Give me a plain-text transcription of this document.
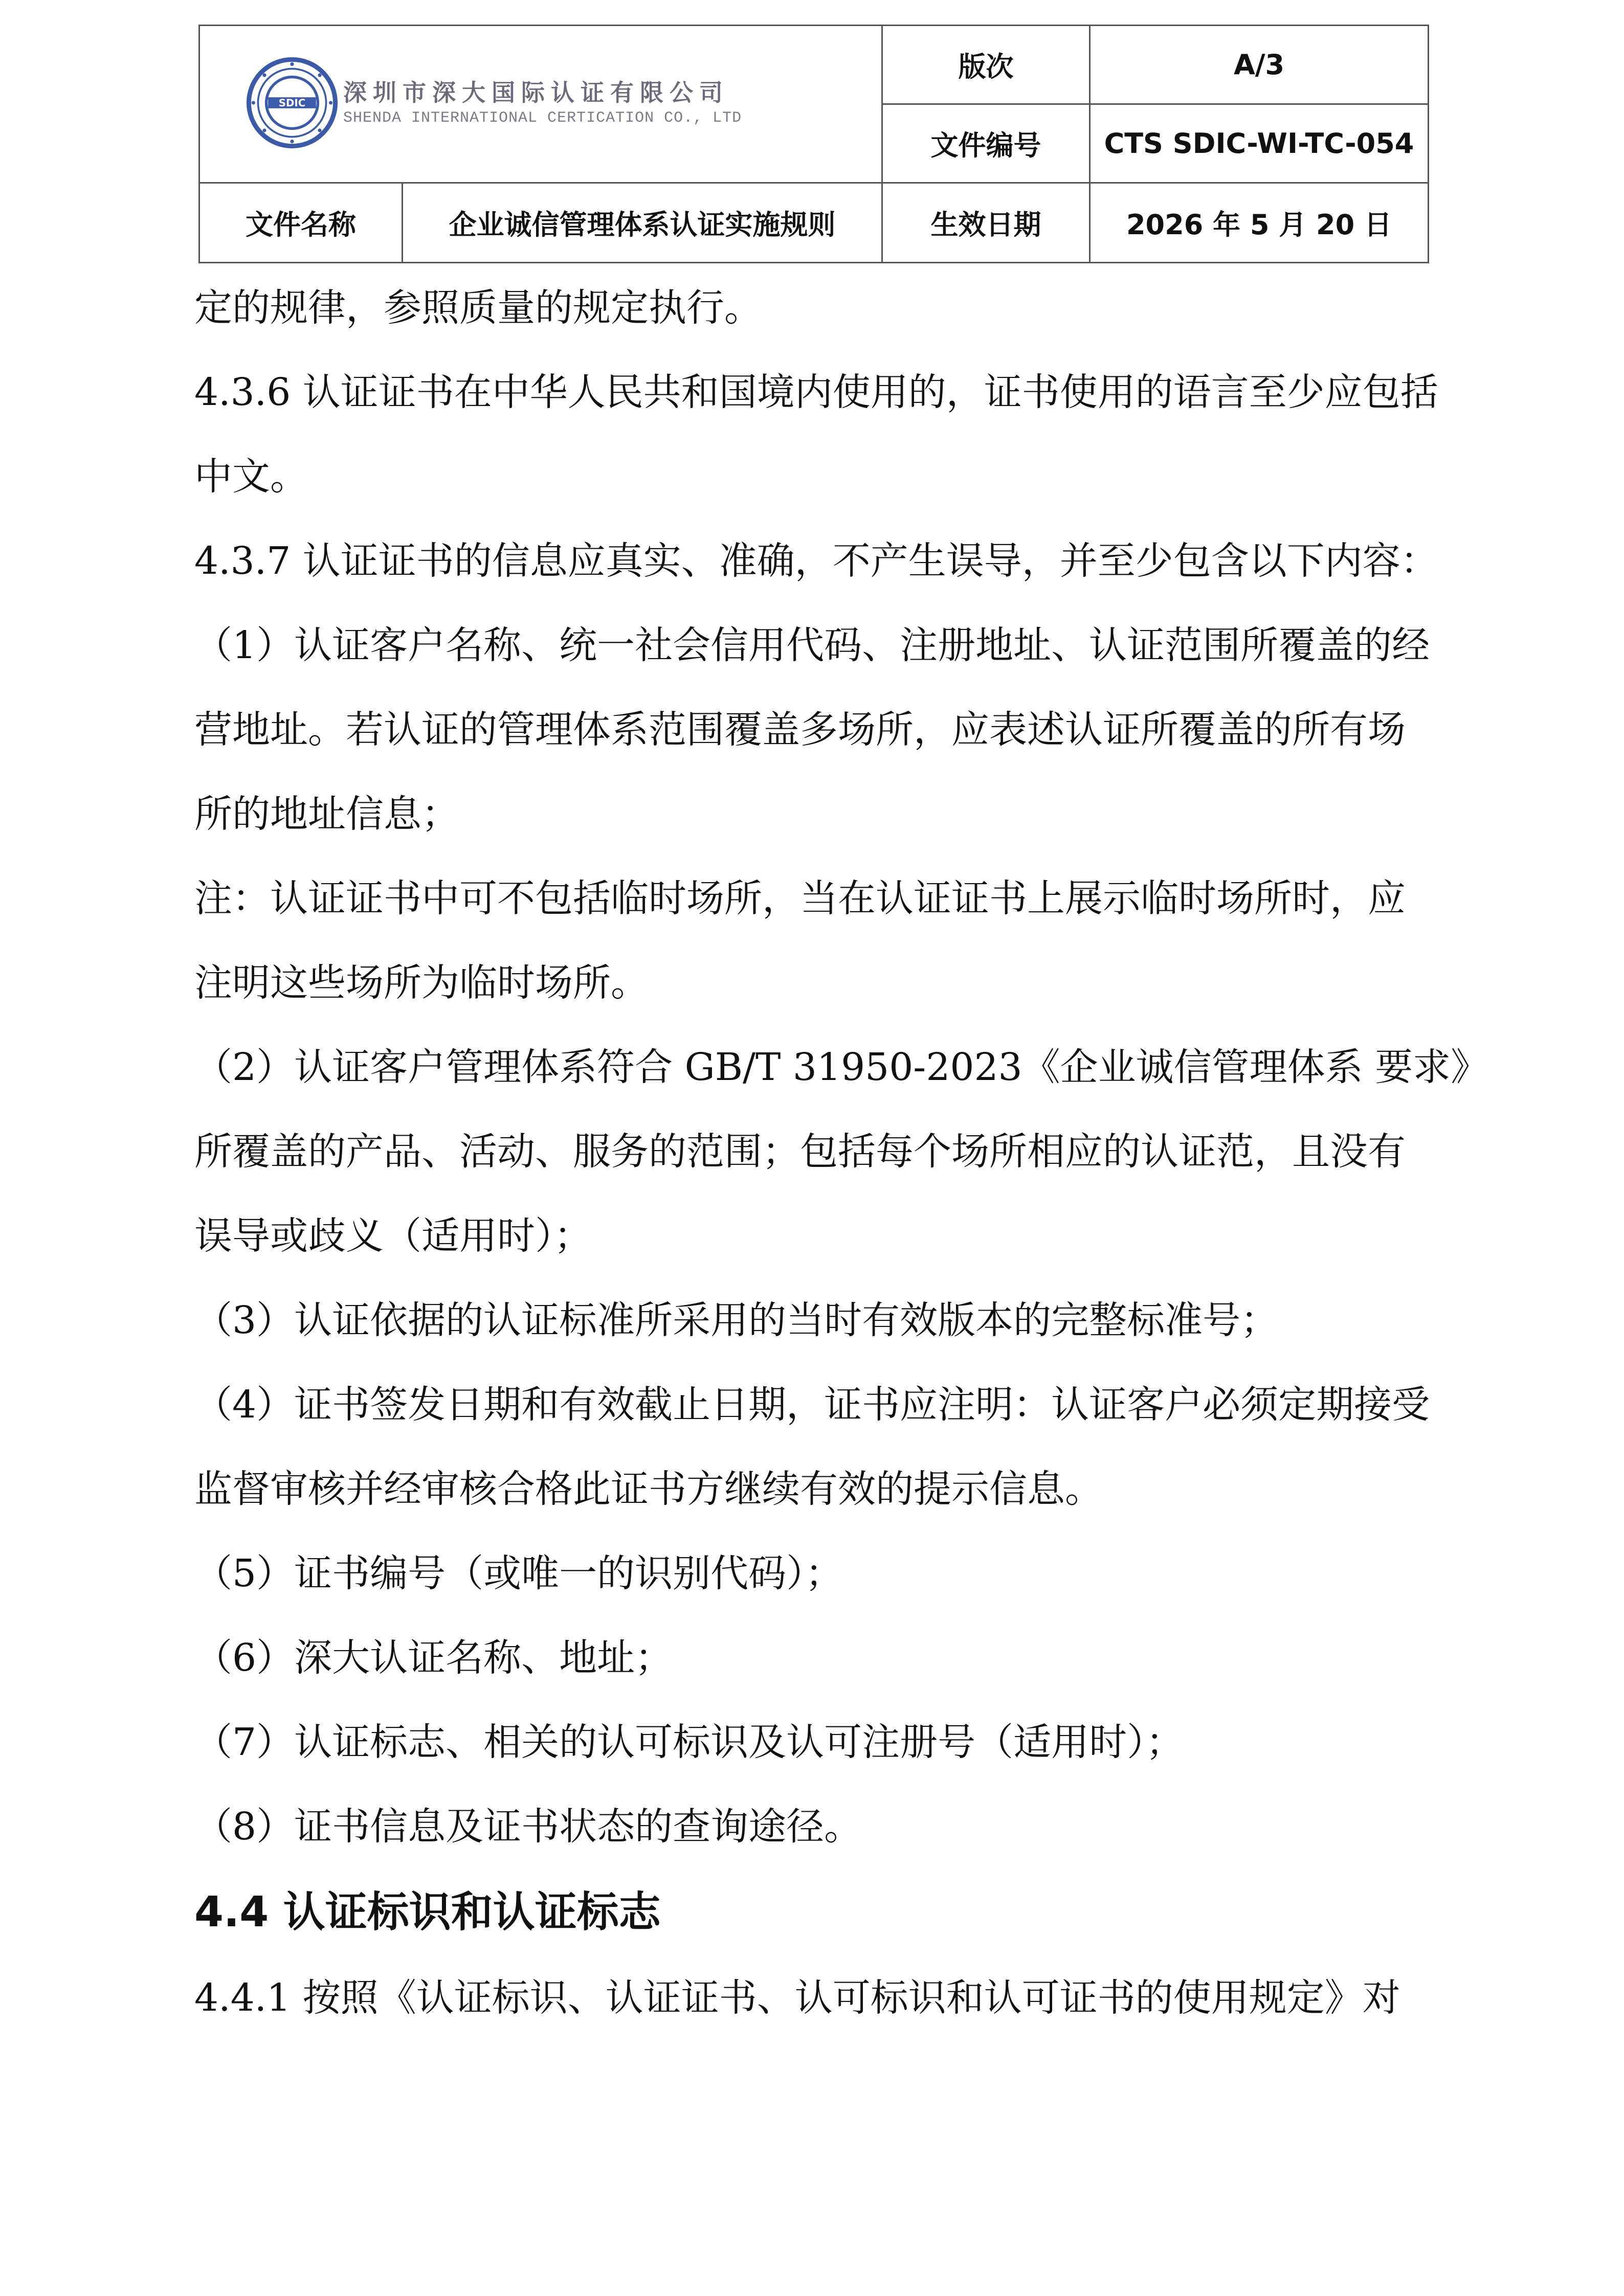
SDIC 深圳市深大国际认证有限公司
SHENDA INTERNATIONAL CERTICATION CO., LTD		版次	A/3
		文件编号	CTS SDIC-WI-TC-054
文件名称	企业诚信管理体系认证实施规则	生效日期	2026 年 5 月 20 日

定的规律，参照质量的规定执行。

4.3.6 认证证书在中华人民共和国境内使用的，证书使用的语言至少应包括

中文。

4.3.7 认证证书的信息应真实、准确，不产生误导，并至少包含以下内容：

（1）认证客户名称、统一社会信用代码、注册地址、认证范围所覆盖的经

营地址。若认证的管理体系范围覆盖多场所，应表述认证所覆盖的所有场

所的地址信息；

注：认证证书中可不包括临时场所，当在认证证书上展示临时场所时，应

注明这些场所为临时场所。

（2）认证客户管理体系符合 GB/T 31950-2023《企业诚信管理体系 要求》

所覆盖的产品、活动、服务的范围；包括每个场所相应的认证范，且没有

误导或歧义（适用时）；

（3）认证依据的认证标准所采用的当时有效版本的完整标准号；

（4）证书签发日期和有效截止日期，证书应注明：认证客户必须定期接受

监督审核并经审核合格此证书方继续有效的提示信息。

（5）证书编号（或唯一的识别代码）；

（6）深大认证名称、地址；

（7）认证标志、相关的认可标识及认可注册号（适用时）；

（8）证书信息及证书状态的查询途径。

4.4 认证标识和认证标志

4.4.1 按照《认证标识、认证证书、认可标识和认可证书的使用规定》对
